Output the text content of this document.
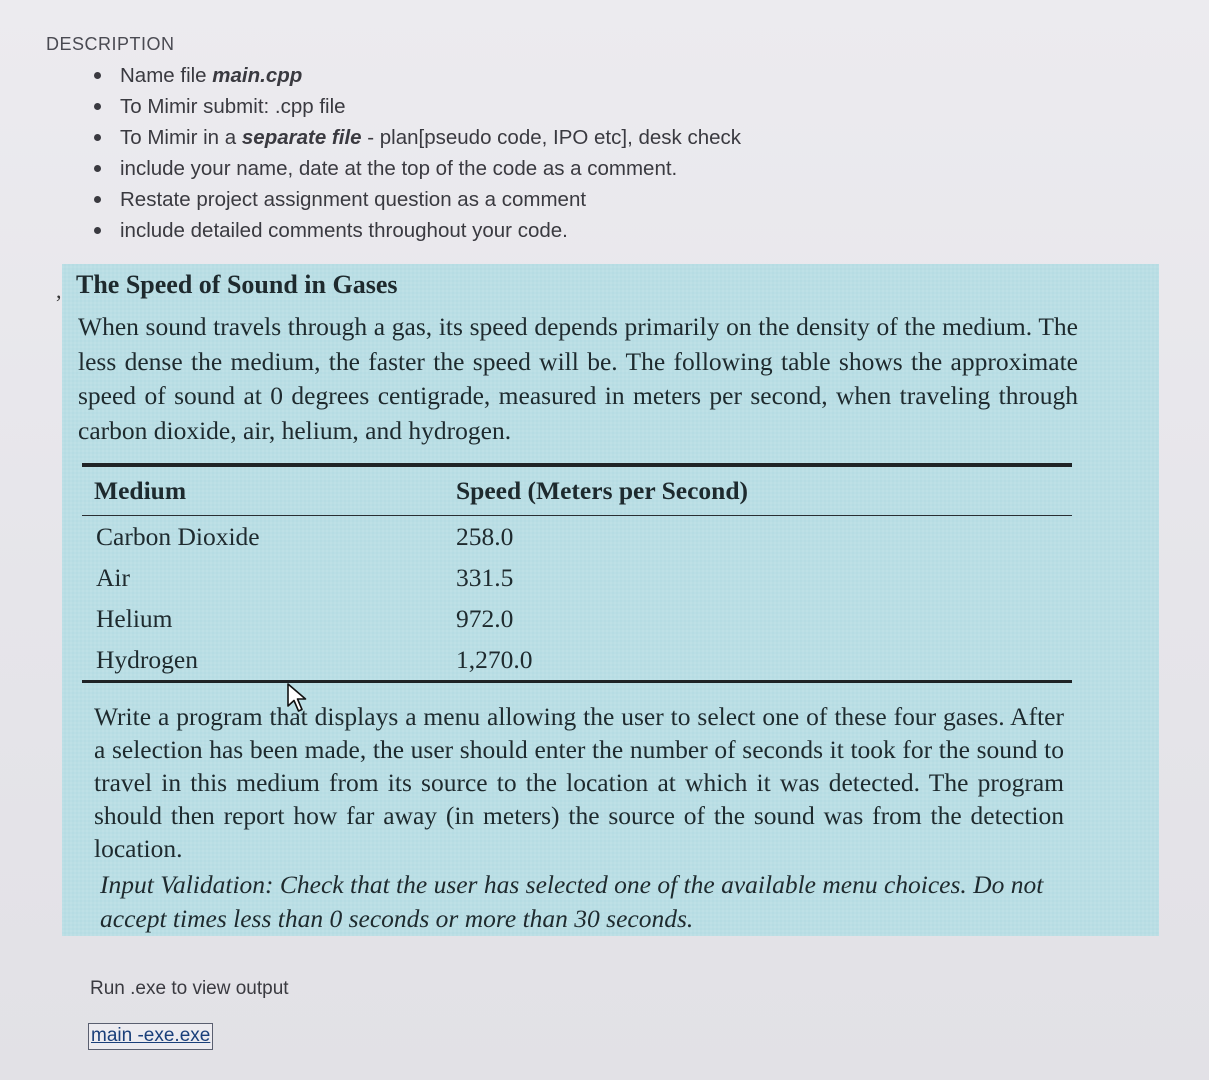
DESCRIPTION
Name file main.cpp
To Mimir submit: .cpp file
To Mimir in a separate file - plan[pseudo code, IPO etc], desk check
include your name, date at the top of the code as a comment.
Restate project assignment question as a comment
include detailed comments throughout your code.
, The Speed of Sound in Gases

When sound travels through a gas, its speed depends primarily on the density of the medium. The less dense the medium, the faster the speed will be. The following table shows the approximate speed of sound at 0 degrees centigrade, measured in meters per second, when traveling through carbon dioxide, air, helium, and hydrogen.

Medium	Speed (Meters per Second)
Carbon Dioxide	258.0
Air	331.5
Helium	972.0
Hydrogen	1,270.0

Write a program that displays a menu allowing the user to select one of these four gases. After a selection has been made, the user should enter the number of seconds it took for the sound to travel in this medium from its source to the location at which it was detected. The program should then report how far away (in meters) the source of the sound was from the detection location.

Input Validation: Check that the user has selected one of the available menu choices. Do not accept times less than 0 seconds or more than 30 seconds.

Run .exe to view output

main -exe.exe
